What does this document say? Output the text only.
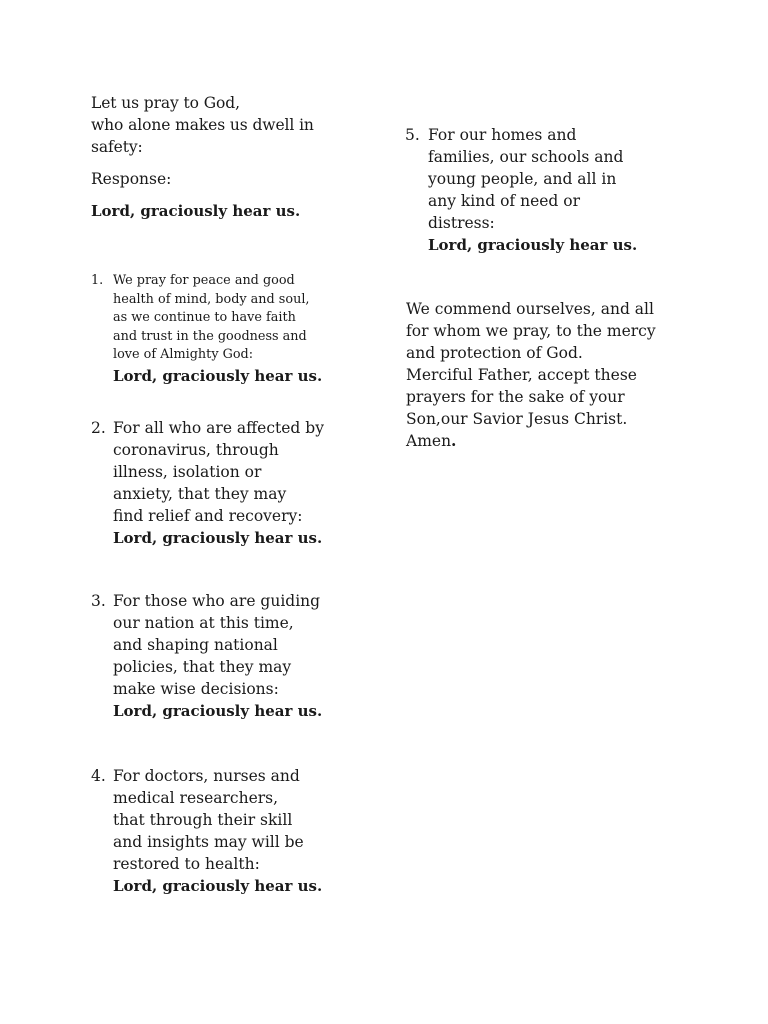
Let us pray to God,
who alone makes us dwell in
safety:
Response:
Lord, graciously hear us.
1. We pray for peace and good
health of mind, body and soul,
as we continue to have faith
and trust in the goodness and
love of Almighty God:
Lord, graciously hear us.
2. For all who are affected by
coronavirus, through
illness, isolation or
anxiety, that they may
find relief and recovery:
Lord, graciously hear us.
3. For those who are guiding
our nation at this time,
and shaping national
policies, that they may
make wise decisions:
Lord, graciously hear us.
4. For doctors, nurses and
medical researchers,
that through their skill
and insights may will be
restored to health:
Lord, graciously hear us.
5. For our homes and
families, our schools and
young people, and all in
any kind of need or
distress:
Lord, graciously hear us.
We commend ourselves, and all
for whom we pray, to the mercy
and protection of God.
Merciful Father, accept these
prayers for the sake of your
Son,our Savior Jesus Christ.
Amen.
